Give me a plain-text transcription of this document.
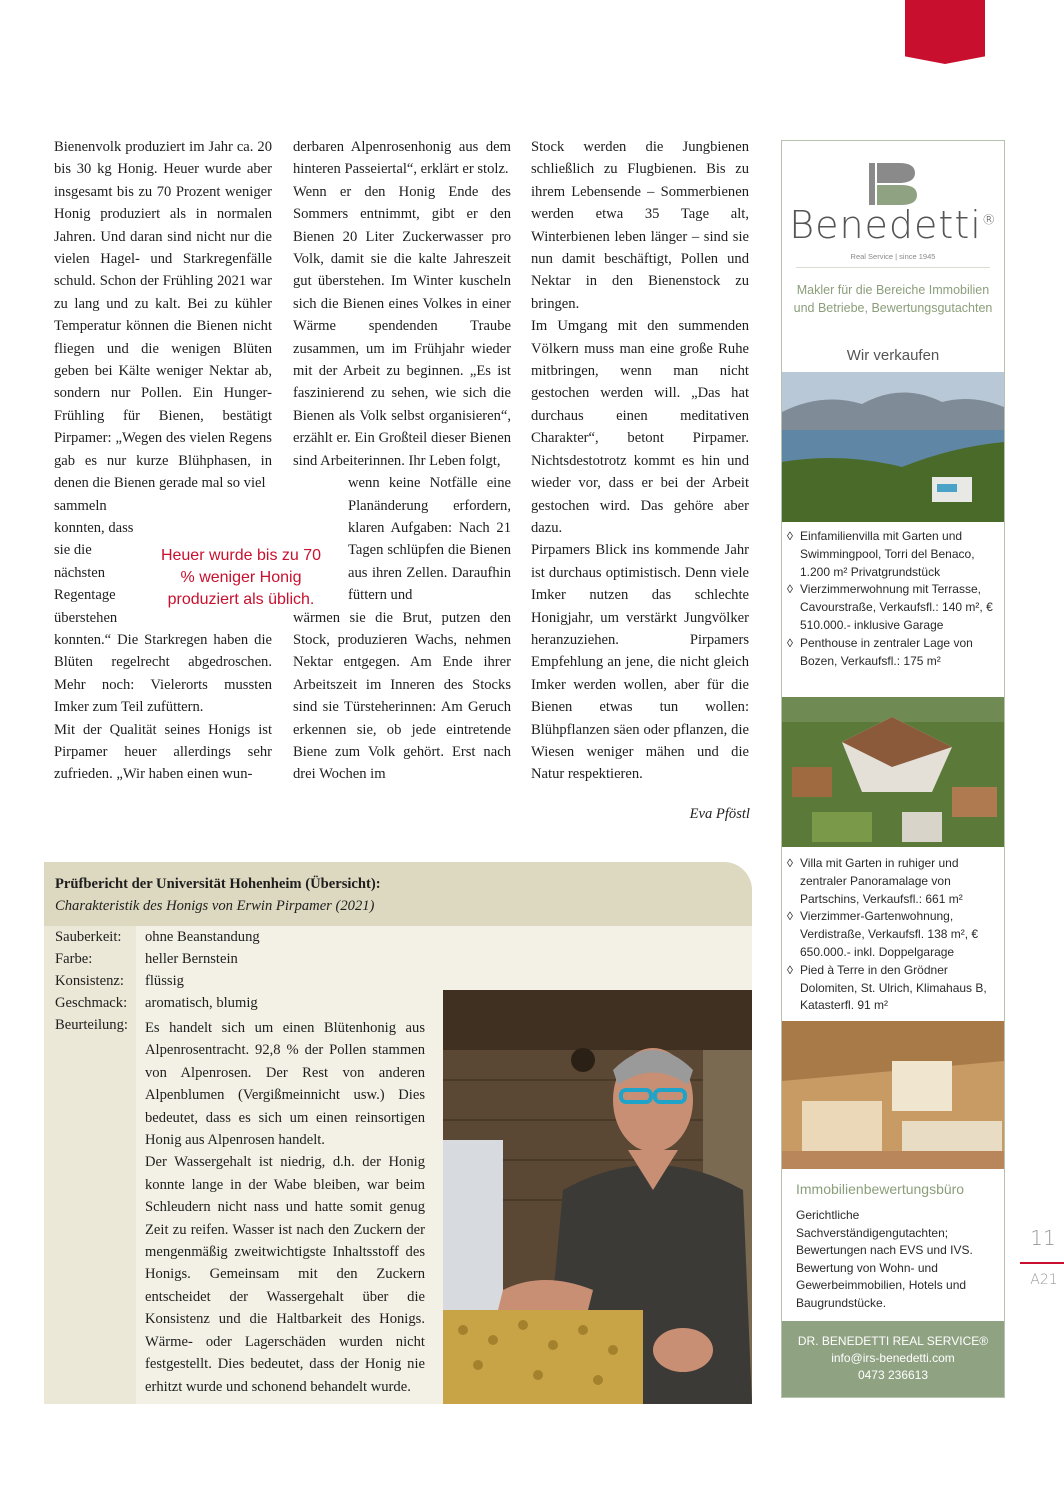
Bienenvolk produziert im Jahr ca. 20 bis 30 kg Honig. Heuer wurde aber insgesamt bis zu 70 Prozent weniger Honig produziert als in normalen Jahren. Und daran sind nicht nur die vielen Hagel- und Starkregenfälle schuld. Schon der Frühling 2021 war zu lang und zu kalt. Bei zu kühler Temperatur können die Bienen nicht fliegen und die wenigen Blüten geben bei Kälte weniger Nektar ab, sondern nur Pollen. Ein Hunger-Frühling für Bienen, bestätigt Pirpamer: „Wegen des vielen Regens gab es nur kurze Blühphasen, in denen die Bienen gerade mal so viel

sammeln konnten, dass sie die nächsten Regentage überstehen

konnten.“ Die Starkregen haben die Blüten regelrecht abgedroschen. Mehr noch: Vielerorts mussten Imker zum Teil zufüttern.

Mit der Qualität seines Honigs ist Pirpamer heuer allerdings sehr zufrieden. „Wir haben einen wun-

Heuer wurde bis zu 70 % weniger Honig produziert als üblich.

derbaren Alpenrosenhonig aus dem hinteren Passeiertal“, erklärt er stolz.

Wenn er den Honig Ende des Sommers entnimmt, gibt er den Bienen 20 Liter Zuckerwasser pro Volk, damit sie die kalte Jahreszeit gut überstehen. Im Winter kuscheln sich die Bienen eines Volkes in einer Wärme spendenden Traube zusammen, um im Frühjahr wieder mit der Arbeit zu beginnen. „Es ist faszinierend zu sehen, wie sich die Bienen als Volk selbst organisieren“, erzählt er. Ein Großteil dieser Bienen sind Arbeiterinnen. Ihr Leben folgt,

wenn keine Notfälle eine Planänderung erfordern, klaren Aufgaben: Nach 21 Tagen schlüpfen die Bienen aus ihren Zellen. Daraufhin füttern und

wärmen sie die Brut, putzen den Stock, produzieren Wachs, nehmen Nektar entgegen. Am Ende ihrer Arbeitszeit im Inneren des Stocks sind sie Türsteherinnen: Am Geruch erkennen sie, ob jede eintretende Biene zum Volk gehört. Erst nach drei Wochen im

Stock werden die Jungbienen schließlich zu Flugbienen. Bis zu ihrem Lebensende – Sommerbienen werden etwa 35 Tage alt, Winterbienen leben länger – sind sie nun damit beschäftigt, Pollen und Nektar in den Bienenstock zu bringen.

Im Umgang mit den summenden Völkern muss man eine große Ruhe mitbringen, wenn man nicht gestochen werden will. „Das hat durchaus einen meditativen Charakter“, betont Pirpamer. Nichtsdestotrotz kommt es hin und wieder vor, dass er bei der Arbeit gestochen wird. Das gehöre aber dazu.

Pirpamers Blick ins kommende Jahr ist durchaus optimistisch. Denn viele Imker nutzen das schlechte Honigjahr, um verstärkt Jungvölker heranzuziehen. Pirpamers Empfehlung an jene, die nicht gleich Imker werden wollen, aber für die Bienen etwas tun wollen: Blühpflanzen säen oder pflanzen, die Wiesen weniger mähen und die Natur respektieren.

Eva Pföstl
Prüfbericht der Universität Hohenheim (Übersicht):
Charakteristik des Honigs von Erwin Pirpamer (2021)
Sauberkeit: ohne Beanstandung
Farbe:	heller Bernstein
Konsistenz: flüssig
Geschmack: aromatisch, blumig
Beurteilung: Es handelt sich um einen Blütenhonig aus Alpenrosentracht. 92,8 % der Pollen stammen von Alpenrosen. Der Rest von anderen Alpenblumen (Vergißmeinnicht usw.) Dies bedeutet, dass es sich um einen reinsortigen Honig aus Alpenrosen handelt.

Der Wassergehalt ist niedrig, d.h. der Honig konnte lange in der Wabe bleiben, war beim Schleudern nicht nass und hatte somit genug Zeit zu reifen. Wasser ist nach den Zuckern der mengenmäßig zweitwichtigste Inhaltsstoff des Honigs. Gemeinsam mit den Zuckern entscheidet der Wassergehalt über die Konsistenz und die Haltbarkeit des Honigs. Wärme- oder Lagerschäden wurden nicht festgestellt. Dies bedeutet, dass der Honig nie erhitzt wurde und schonend behandelt wurde.

Benedetti®
Real Service | since 1945
Makler für die Bereiche Immobilien und Betriebe, Bewertungsgutachten
Wir verkaufen
◊ Einfamilienvilla mit Garten und Swimmingpool, Torri del Benaco, 1.200 m² Privatgrundstück
◊ Vierzimmerwohnung mit Terrasse, Cavourstraße, Verkaufsfl.: 140 m², € 510.000.- inklusive Garage
◊ Penthouse in zentraler Lage von Bozen, Verkaufsfl.: 175 m²
◊ Villa mit Garten in ruhiger und zentraler Panoramalage von Partschins, Verkaufsfl.: 661 m²
◊ Vierzimmer-Gartenwohnung, Verdistraße, Verkaufsfl. 138 m², € 650.000.- inkl. Doppelgarage
◊ Pied à Terre in den Grödner Dolomiten, St. Ulrich, Klimahaus B, Katasterfl. 91 m²
Immobilienbewertungsbüro
Gerichtliche Sachverständigengutachten; Bewertungen nach EVS und IVS. Bewertung von Wohn- und Gewerbeimmobilien, Hotels und Baugrundstücke.
DR. BENEDETTI REAL SERVICE®
info@irs-benedetti.com
0473 236613
11
A21
